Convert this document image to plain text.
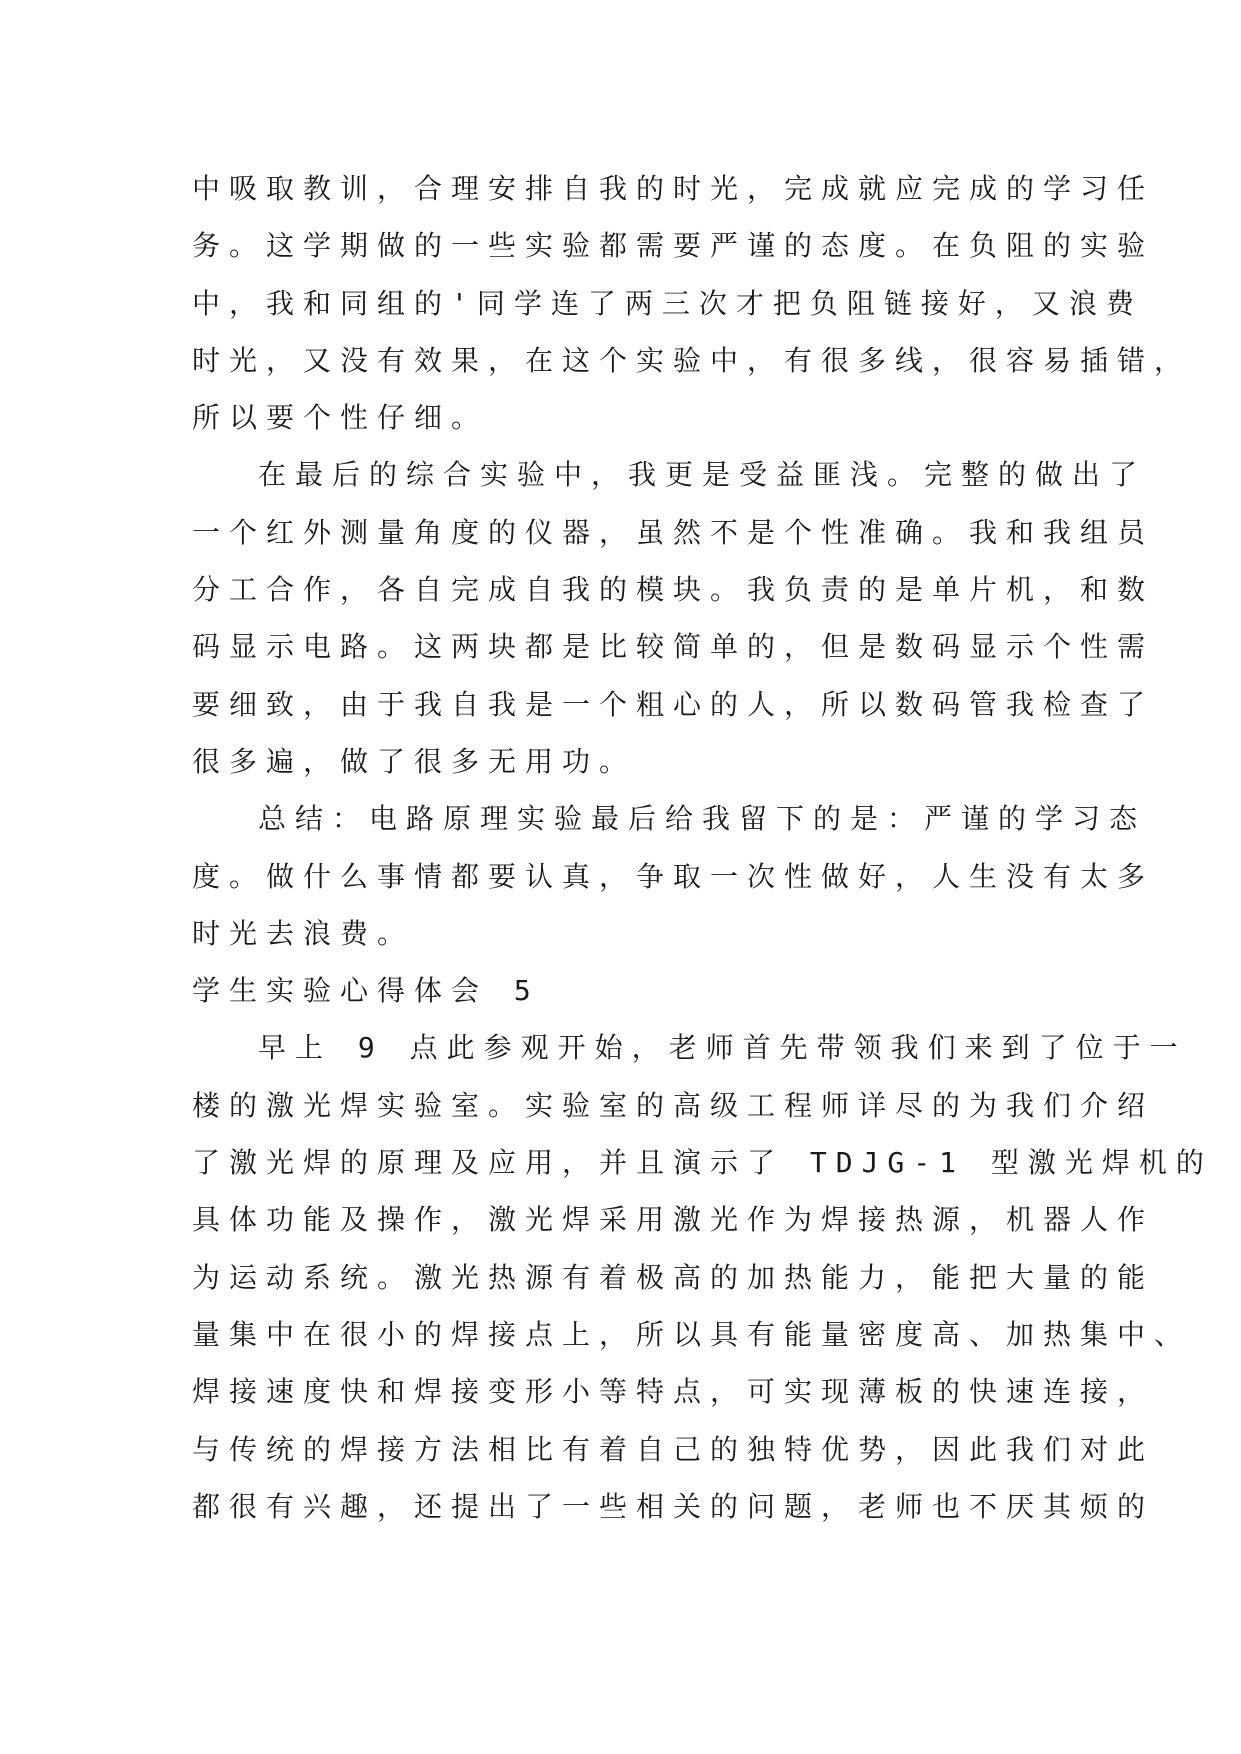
中吸取教训，合理安排自我的时光，完成就应完成的学习任
务。这学期做的一些实验都需要严谨的态度。在负阻的实验
中，我和同组的'同学连了两三次才把负阻链接好，又浪费
时光，又没有效果，在这个实验中，有很多线，很容易插错，
所以要个性仔细。
在最后的综合实验中，我更是受益匪浅。完整的做出了
一个红外测量角度的仪器，虽然不是个性准确。我和我组员
分工合作，各自完成自我的模块。我负责的是单片机，和数
码显示电路。这两块都是比较简单的，但是数码显示个性需
要细致，由于我自我是一个粗心的人，所以数码管我检查了
很多遍，做了很多无用功。
总结：电路原理实验最后给我留下的是：严谨的学习态
度。做什么事情都要认真，争取一次性做好，人生没有太多
时光去浪费。
学生实验心得体会 5
早上 9 点此参观开始，老师首先带领我们来到了位于一
楼的激光焊实验室。实验室的高级工程师详尽的为我们介绍
了激光焊的原理及应用，并且演示了 TDJG-1 型激光焊机的
具体功能及操作，激光焊采用激光作为焊接热源，机器人作
为运动系统。激光热源有着极高的加热能力，能把大量的能
量集中在很小的焊接点上，所以具有能量密度高、加热集中、
焊接速度快和焊接变形小等特点，可实现薄板的快速连接，
与传统的焊接方法相比有着自己的独特优势，因此我们对此
都很有兴趣，还提出了一些相关的问题，老师也不厌其烦的
